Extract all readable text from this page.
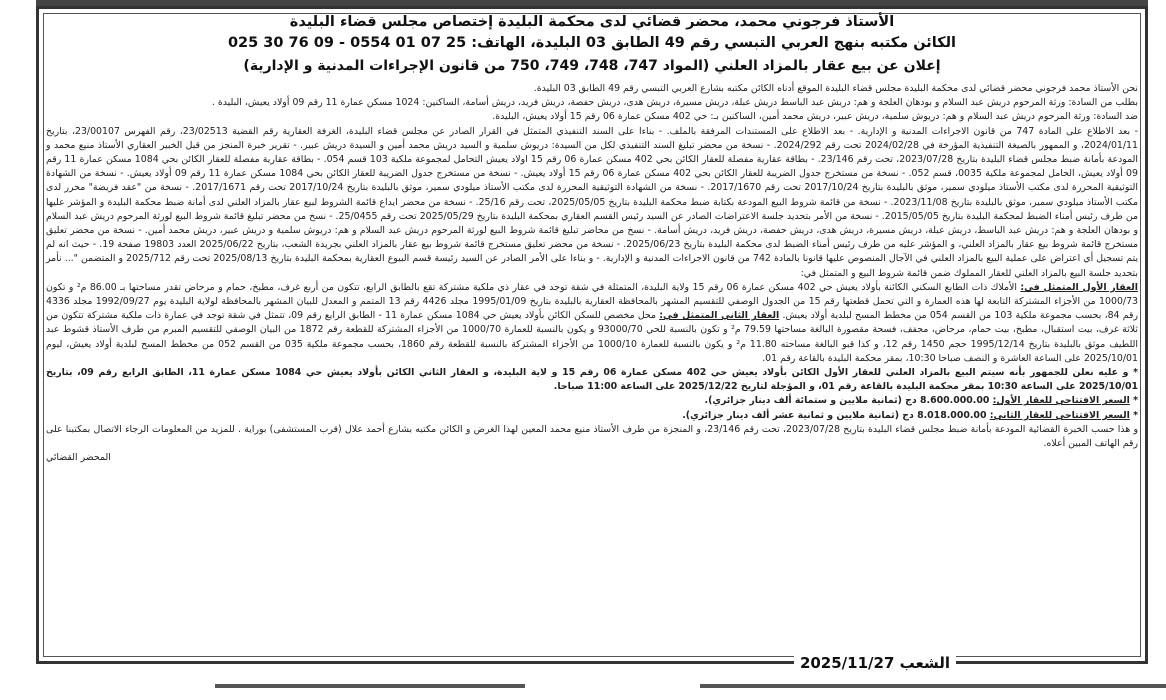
الأستاذ فرجوني محمد، محضر قضائي لدى محكمة البليدة إختصاص مجلس قضاء البليدة

الكائن مكتبه بنهج العربي التبسي رقم 49 الطابق 03 البليدة، الهاتف: 25 07 01 0554 - 09 76 30 025

إعلان عن بيع عقار بالمزاد العلني (المواد 747، 748، 749، 750 من قانون الإجراءات المدنية و الإدارية)

نحن الأستاذ محمد فرجوني محضر قضائي لدى محكمة البليدة مجلس قضاء البليدة الموقع أدناه الكائن مكتبه بشارع العربي التبسي رقم 49 الطابق 03 البليدة.

بطلب من السادة: ورثة المرحوم دريش عبد السلام و بودهان العلجة و هم: دريش عبد الباسط دريش عبلة، دريش مسيرة، دريش هدى، دريش حفصة، دريش فريد، دريش أسامة، الساكنين: 1024 مسكن عمارة 11 رقم 09 أولاد يعيش، البليدة .

ضد السادة: ورثة المرحوم دريش عبد السلام و هم: دريوش سلمية، دريش عبير، دريش محمد أمين، الساكنين بـ: حي 402 مسكن عمارة 06 رقم 15 أولاد يعيش، البليدة.

- بعد الاطلاع على المادة 747 من قانون الاجراءات المدنية و الإدارية. - بعد الاطلاع على المستندات المرفقة بالملف. - بناءا على السند التنفيذي المتمثل في القرار الصادر عن مجلس قضاء البليدة، الغرفة العقارية رقم القضية 23/02513، رقم الفهرس 23/00107، بتاريخ 2024/01/11، و الممهور بالصيغة التنفيذية المؤرخة في 2024/02/28 تحت رقم 2024/292. - نسخة من محضر تبليغ السند التنفيذي لكل من السيدة: دريوش سلمية و السيد دريش محمد أمين و السيدة دريش عبير. - تقرير خبرة المنجز من قبل الخبير العقاري الأستاذ منيع محمد و المودعة بأمانة ضبط مجلس قضاء البليدة بتاريخ 2023/07/28، تحت رقم 23/146. - بطاقة عقارية مفصلة للعقار الكائن بحي 402 مسكن عمارة 06 رقم 15 اولاد يعيش التحامل لمجموعة ملكية 103 قسم 054. - بطاقة عقارية مفصلة للعقار الكائن بحي 1084 مسكن عمارة 11 رقم 09 أولاد يعيش، الحامل لمجموعة ملكية 0035، قسم 052. - نسخة من مستخرج جدول الضريبة للعقار الكائن بحي 402 مسكن عمارة 06 رقم 15 أولاد يعيش. - نسخة من مستخرج جدول الضريبة للعقار الكائن بحي 1084 مسكن عمارة 11 رقم 09 أولاد يعيش. - نسخة من الشهادة التوثيقية المحررة لدى مكتب الأستاذ ميلودي سمير، موثق بالبليدة بتاريخ 2017/10/24 تحت رقم 2017/1670. - نسخة من الشهادة التوثيقية المحررة لدى مكتب الأستاذ ميلودي سمير، موثق بالبليدة بتاريخ 2017/10/24 تحت رقم 2017/1671. - نسخة من "عقد فريضة" محرر لدى مكتب الأستاذ ميلودي سمير، موثق بالبليدة بتاريخ 2023/11/08. - نسخة من قائمة شروط البيع المودعة بكتابة ضبط محكمة البليدة بتاريخ 2025/05/05، تحت رقم 25/16. - نسخة من محضر ايداع قائمة الشروط لبيع عقار بالمزاد العلني لدى أمانة ضبط محكمة البليدة و المؤشر عليها من طرف رئيس أمناء الضبط لمحكمة البليدة بتاريخ 2015/05/05. - نسخة من الأمر بتحديد جلسة الاعتراضات الصادر عن السيد رئيس القسم العقاري بمحكمة البليدة بتاريخ 2025/05/29 تحت رقم 25/0455. - نسخ من محضر تبليغ قائمة شروط البيع لورثة المرحوم دريش عبد السلام و بودهان العلجة و هم: دريش عبد الباسط، دريش عبلة، دريش مسيرة، دريش هدى، دريش حفصة، دريش فريد، دريش أسامة. - نسخ من محاضر تبليغ قائمة شروط البيع لورثة المرحوم دريش عبد السلام و هم: دريوش سلمية و دريش عبير، دريش محمد أمين. - نسخة من محضر تعليق مستخرج قائمة شروط بيع عقار بالمزاد العلني، و المؤشر عليه من طرف رئيس أمناء الضبط لدى محكمة البليدة بتاريخ 2025/06/23. - نسخة من محضر تعليق مستخرج قائمة شروط بيع عقار بالمزاد العلني بجريدة الشعب، بتاريخ 2025/06/22 العدد 19803 صفحة 19. - حيث انه لم يتم تسجيل أي اعتراض على عملية البيع بالمزاد العلني في الآجال المنصوص عليها قانونا بالمادة 742 من قانون الاجراءات المدنية و الإدارية. - و بناءا على الأمر الصادر عن السيد رئيسة قسم البيوع العقارية بمحكمة البليدة بتاريخ 2025/08/13 تحت رقم 2025/712 و المتضمن "... نأمر بتحديد جلسة البيع بالمزاد العلني للعقار المملوك ضمن قائمة شروط البيع و المتمثل في:

العقار الأول المتمثل في: الأملاك ذات الطابع السكني الكائنة بأولاد يعيش حي 402 مسكن عمارة 06 رقم 15 ولاية البليدة، المتمثلة في شقة توجد في عقار ذي ملكية مشتركة تقع بالطابق الرابع، تتكون من أربع غرف، مطبخ، حمام و مرحاض تقدر مساحتها بـ 86.00 م² و تكون 1000/73 من الأجزاء المشتركة التابعة لها هذه العمارة و التي تحمل قطعتها رقم 15 من الجدول الوصفي للتقسيم المشهر بالمحافظة العقارية بالبليدة بتاريخ 1995/01/09 مجلد 4426 رقم 13 المتمم و المعدل للبيان المشهر بالمحافظة لولاية البليدة يوم 1992/09/27 مجلد 4336 رقم 84، بحسب مجموعة ملكية 103 من القسم 054 من مخطط المسح لبلدية أولاد يعيش. العقار الثاني المتمثل في: محل مخصص للسكن الكائن بأولاد يعيش حي 1084 مسكن عمارة 11 - الطابق الرابع رقم 09، تتمثل في شقة توجد في عمارة ذات ملكية مشتركة تتكون من ثلاثة غرف، بيت استقبال، مطبخ، بيت حمام، مرحاض، مجفف، فسحة مقصورة البالغة مساحتها 79.59 م² و تكون بالنسبة للحي 93000/70 و يكون بالنسبة للعمارة 1000/70 من الأجزاء المشتركة للقطعة رقم 1872 من البيان الوصفي للتقسيم المبرم من طرف الأستاذ قشوط عبد اللطيف موثق بالبليدة بتاريخ 1995/12/14 حجم 1450 رقم 12، و كذا قبو البالغة مساحته 11.80 م² و يكون بالنسبة للعمارة 1000/10 من الأجزاء المشتركة بالنسبة للقطعة رقم 1860، بحسب مجموعة ملكية 035 من القسم 052 من مخطط المسح لبلدية أولاد يعيش، ليوم 2025/10/01 على الساعة العاشرة و النصف صباحا 10:30، بمقر محكمة البليدة بالقاعة رقم 01.

* و عليه نعلن للجمهور بأنه سيتم البيع بالمزاد العلني للعقار الأول الكائن بأولاد يعيش حي 402 مسكن عمارة 06 رقم 15 و لاية البليدة، و العقار الثاني الكائن بأولاد يعيش حي 1084 مسكن عمارة 11، الطابق الرابع رقم 09، بتاريخ 2025/10/01 على الساعة 10:30 بمقر محكمة البليدة بالقاعة رقم 01، و المؤجلة لتاريخ 2025/12/22 على الساعة 11:00 صباحا.

* السعر الافتتاحي للعقار الأول: 8.600.000.00 دج (ثمانية ملايين و ستمائة ألف دينار جزائري).

* السعر الافتتاحي للعقار الثاني: 8.018.000.00 دج (ثمانية ملايين و ثمانية عشر ألف دينار جزائري).

و هذا حسب الخبرة القضائية المودعة بأمانة ضبط مجلس قضاء البليدة بتاريخ 2023/07/28، تحت رقم 23/146، و المنجزة من طرف الأستاذ منيع محمد المعين لهذا الغرض و الكائن مكتبه بشارع أحمد علال (قرب المستشفى) بوراية . للمزيد من المعلومات الرجاء الاتصال بمكتبنا على رقم الهاتف المبين أعلاه.

المحضر القضائي

الشعب 2025/11/27
